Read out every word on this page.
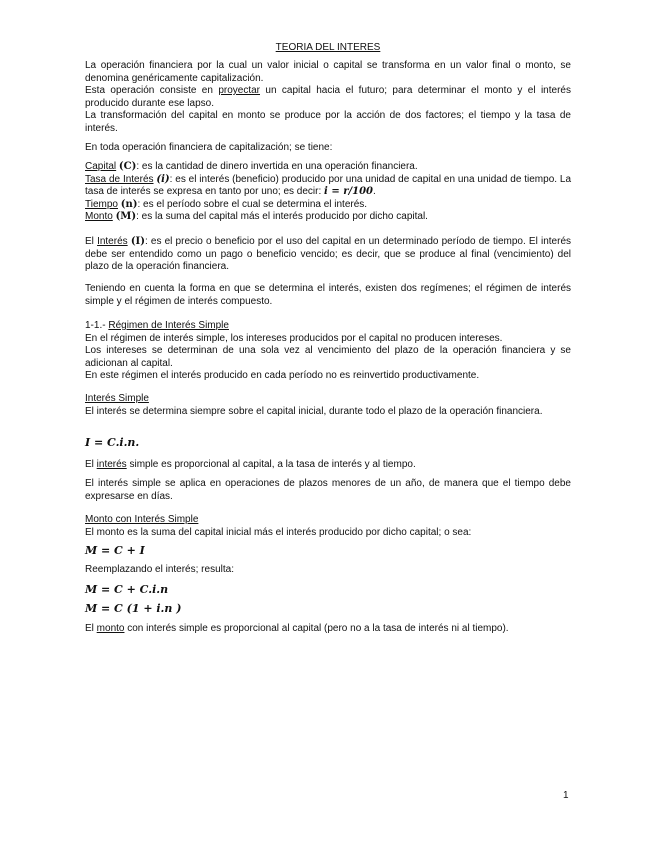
TEORIA DEL INTERES
La operación financiera por la cual un valor inicial o capital se transforma en un valor final o monto, se denomina genéricamente capitalización.
Esta operación consiste en proyectar un capital hacia el futuro; para determinar el monto y el interés producido durante ese lapso.
La transformación del capital en monto se produce por la acción de dos factores; el tiempo y la tasa de interés.
En toda operación financiera de capitalización; se tiene:
Capital (C): es la cantidad de dinero invertida en una operación financiera.
Tasa de Interés (i): es el interés (beneficio) producido por una unidad de capital en una unidad de tiempo. La tasa de interés se expresa en tanto por uno; es decir: i = r/100.
Tiempo (n): es el período sobre el cual se determina el interés.
Monto (M): es la suma del capital más el interés producido por dicho capital.
El Interés (I): es el precio o beneficio por el uso del capital en un determinado período de tiempo. El interés debe ser entendido como un pago o beneficio vencido; es decir, que se produce al final (vencimiento) del plazo de la operación financiera.
Teniendo en cuenta la forma en que se determina el interés, existen dos regímenes; el régimen de interés simple y el régimen de interés compuesto.
1-1.- Régimen de Interés Simple
En el régimen de interés simple, los intereses producidos por el capital no producen intereses.
Los intereses se determinan de una sola vez al vencimiento del plazo de la operación financiera y se adicionan al capital.
En este régimen el interés producido en cada período no es reinvertido productivamente.
Interés Simple
El interés se determina siempre sobre el capital inicial, durante todo el plazo de la operación financiera.
I = C.i.n.
El interés simple es proporcional al capital, a la tasa de interés y al tiempo.
El interés simple se aplica en operaciones de plazos menores de un año, de manera que el tiempo debe expresarse en días.
Monto con Interés Simple
El monto es la suma del capital inicial más el interés producido por dicho capital; o sea:
M = C + I
Reemplazando el interés; resulta:
M = C + C.i.n
M = C (1 + i.n )
El monto con interés simple es proporcional al capital (pero no a la tasa de interés ni al tiempo).
1
